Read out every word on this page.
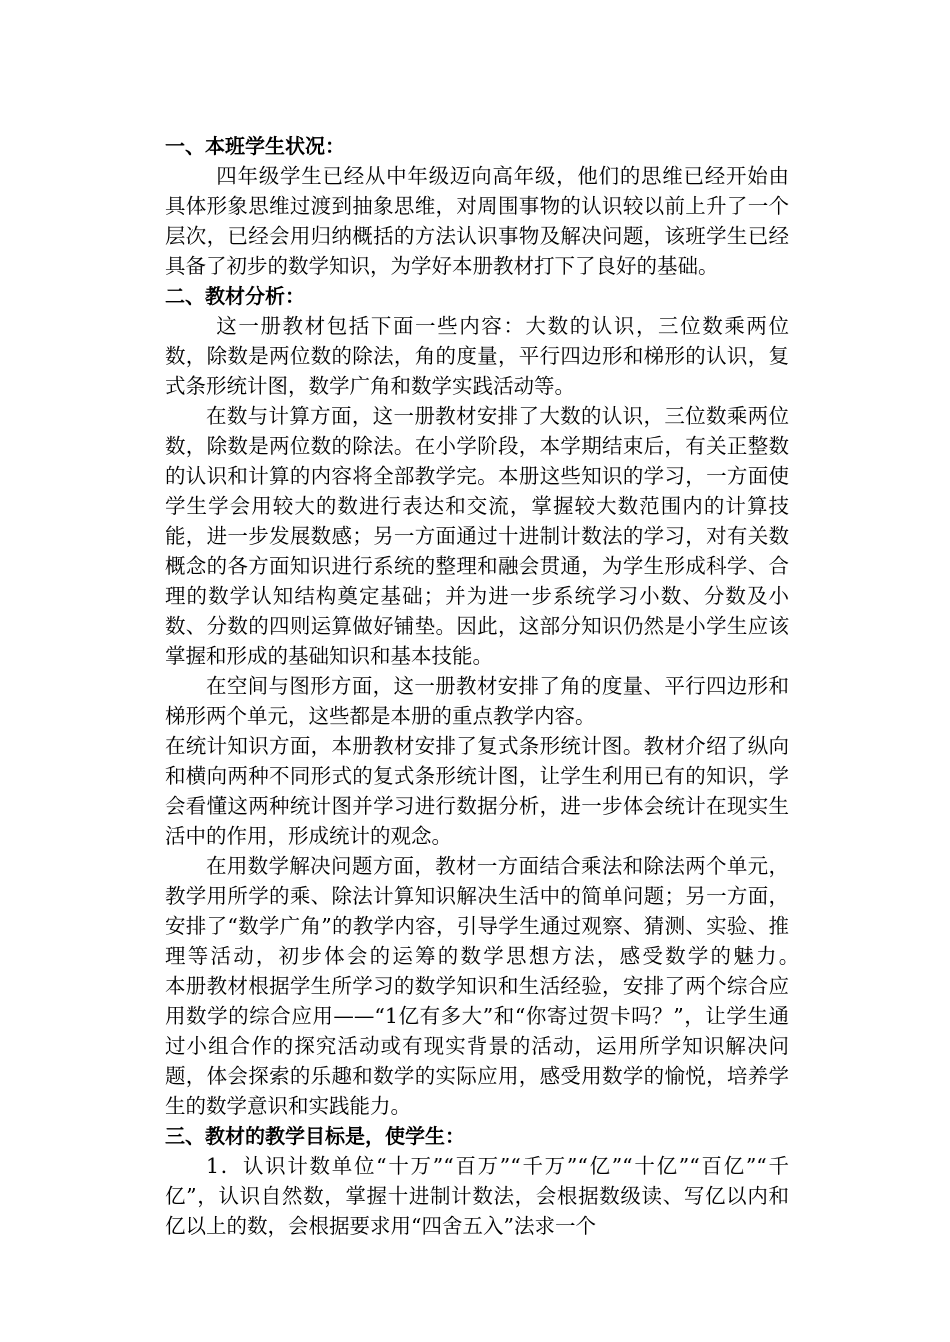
一、本班学生状况：

四年级学生已经从中年级迈向高年级，他们的思维已经开始由具体形象思维过渡到抽象思维，对周围事物的认识较以前上升了一个层次，已经会用归纳概括的方法认识事物及解决问题，该班学生已经具备了初步的数学知识，为学好本册教材打下了良好的基础。

二、教材分析：

这一册教材包括下面一些内容：大数的认识，三位数乘两位数，除数是两位数的除法，角的度量，平行四边形和梯形的认识，复式条形统计图，数学广角和数学实践活动等。

在数与计算方面，这一册教材安排了大数的认识，三位数乘两位数，除数是两位数的除法。在小学阶段，本学期结束后，有关正整数的认识和计算的内容将全部教学完。本册这些知识的学习，一方面使学生学会用较大的数进行表达和交流，掌握较大数范围内的计算技能，进一步发展数感；另一方面通过十进制计数法的学习，对有关数概念的各方面知识进行系统的整理和融会贯通，为学生形成科学、合理的数学认知结构奠定基础；并为进一步系统学习小数、分数及小数、分数的四则运算做好铺垫。因此，这部分知识仍然是小学生应该掌握和形成的基础知识和基本技能。

在空间与图形方面，这一册教材安排了角的度量、平行四边形和梯形两个单元，这些都是本册的重点教学内容。

在统计知识方面，本册教材安排了复式条形统计图。教材介绍了纵向和横向两种不同形式的复式条形统计图，让学生利用已有的知识，学会看懂这两种统计图并学习进行数据分析，进一步体会统计在现实生活中的作用，形成统计的观念。

在用数学解决问题方面，教材一方面结合乘法和除法两个单元，教学用所学的乘、除法计算知识解决生活中的简单问题；另一方面，安排了“数学广角”的教学内容，引导学生通过观察、猜测、实验、推理等活动，初步体会的运筹的数学思想方法，感受数学的魅力。　　本册教材根据学生所学习的数学知识和生活经验，安排了两个综合应用数学的综合应用——“1亿有多大”和“你寄过贺卡吗？”，让学生通过小组合作的探究活动或有现实背景的活动，运用所学知识解决问题，体会探索的乐趣和数学的实际应用，感受用数学的愉悦，培养学生的数学意识和实践能力。

三、教材的教学目标是，使学生：

1．认识计数单位“十万”“百万”“千万”“亿”“十亿”“百亿”“千亿”，认识自然数，掌握十进制计数法，会根据数级读、写亿以内和亿以上的数，会根据要求用“四舍五入”法求一个
